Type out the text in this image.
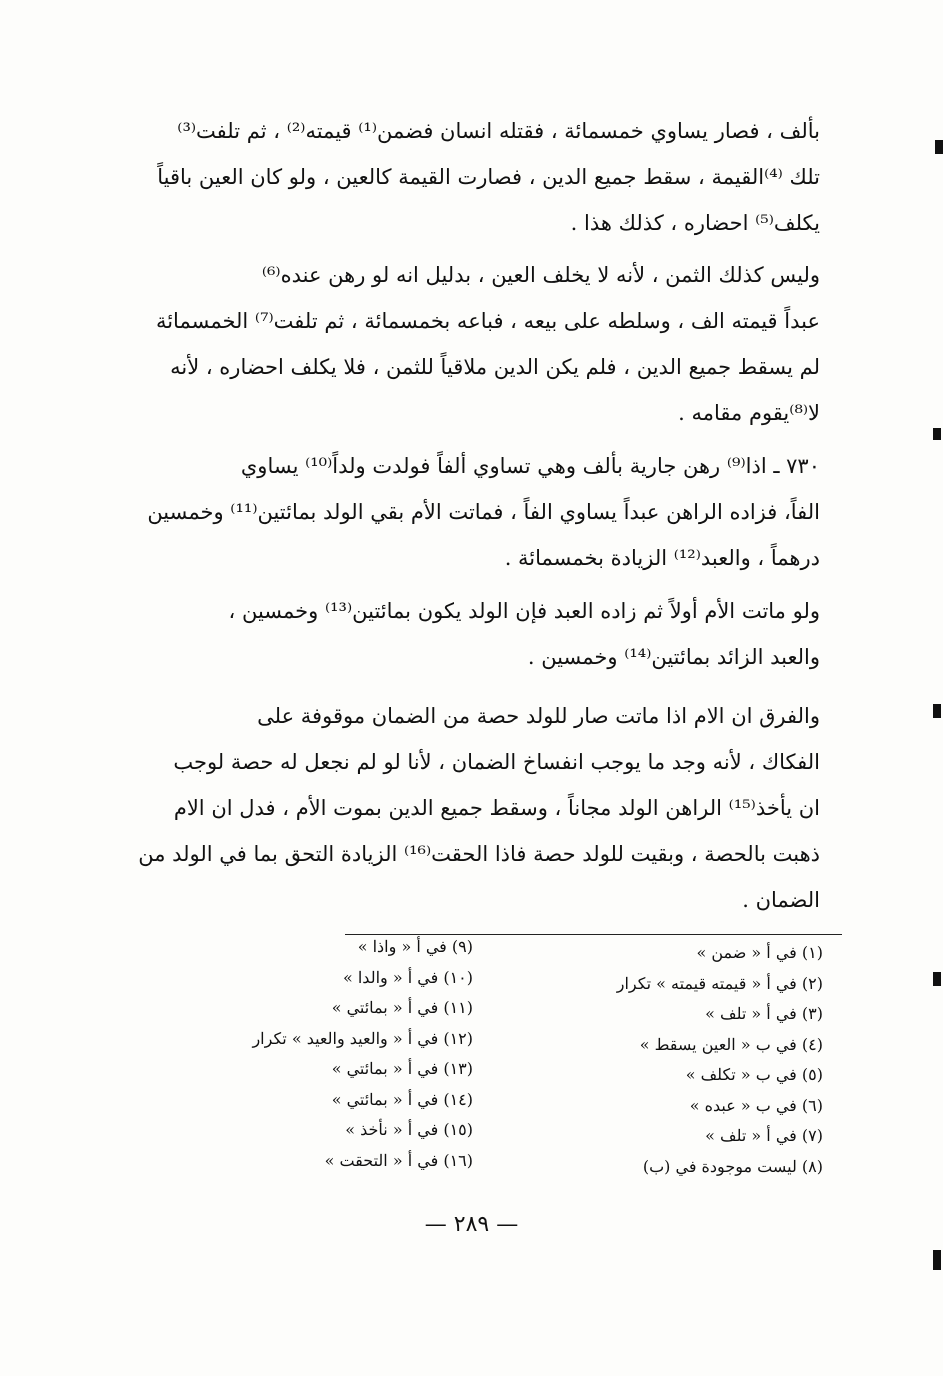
بألف ، فصار يساوي خمسمائة ، فقتله انسان فضمن⁽¹⁾ قيمته⁽²⁾ ، ثم تلفت⁽³⁾
تلك ⁽⁴⁾القيمة ، سقط جميع الدين ، فصارت القيمة كالعين ، ولو كان العين باقياً
يكلف⁽⁵⁾ احضاره ، كذلك هذا .
وليس كذلك الثمن ، لأنه لا يخلف العين ، بدليل انه لو رهن عنده⁽⁶⁾
عبداً قيمته الف ، وسلطه على بيعه ، فباعه بخمسمائة ، ثم تلفت⁽⁷⁾ الخمسمائة
لم يسقط جميع الدين ، فلم يكن الدين ملاقياً للثمن ، فلا يكلف احضاره ، لأنه
لا⁽⁸⁾يقوم مقامه .
٧٣٠ ـ اذا⁽⁹⁾ رهن جارية بألف وهي تساوي ألفاً فولدت ولداً⁽¹⁰⁾ يساوي
الفاً، فزاده الراهن عبداً يساوي الفاً ، فماتت الأم بقي الولد بمائتين⁽¹¹⁾ وخمسين
درهماً ، والعبد⁽¹²⁾ الزيادة بخمسمائة .
ولو ماتت الأم أولاً ثم زاده العبد فإن الولد يكون بمائتين⁽¹³⁾ وخمسين ،
والعبد الزائد بمائتين⁽¹⁴⁾ وخمسين .
والفرق ان الام اذا ماتت صار للولد حصة من الضمان موقوفة على
الفكاك ، لأنه وجد ما يوجب انفساخ الضمان ، لأنا لو لم نجعل له حصة لوجب
ان يأخذ⁽¹⁵⁾ الراهن الولد مجاناً ، وسقط جميع الدين بموت الأم ، فدل ان الام
ذهبت بالحصة ، وبقيت للولد حصة فاذا الحقت⁽¹⁶⁾ الزيادة التحق بما في الولد من
الضمان .
(١) في أ « ضمن »
(٢) في أ « قيمته قيمته » تكرار
(٣) في أ « تلف »
(٤) في ب « العين يسقط »
(٥) في ب « تكلف »
(٦) في ب « عبده »
(٧) في أ « تلف »
(٨) ليست موجودة في (ب)
(٩) في أ « واذا »
(١٠) في أ « والدا »
(١١) في أ « بمائتي »
(١٢) في أ « والعيد والعيد » تكرار
(١٣) في أ « بمائتي »
(١٤) في أ « بمائتي »
(١٥) في أ « نأخذ »
(١٦) في أ « التحقت »
— ٢٨٩ —
